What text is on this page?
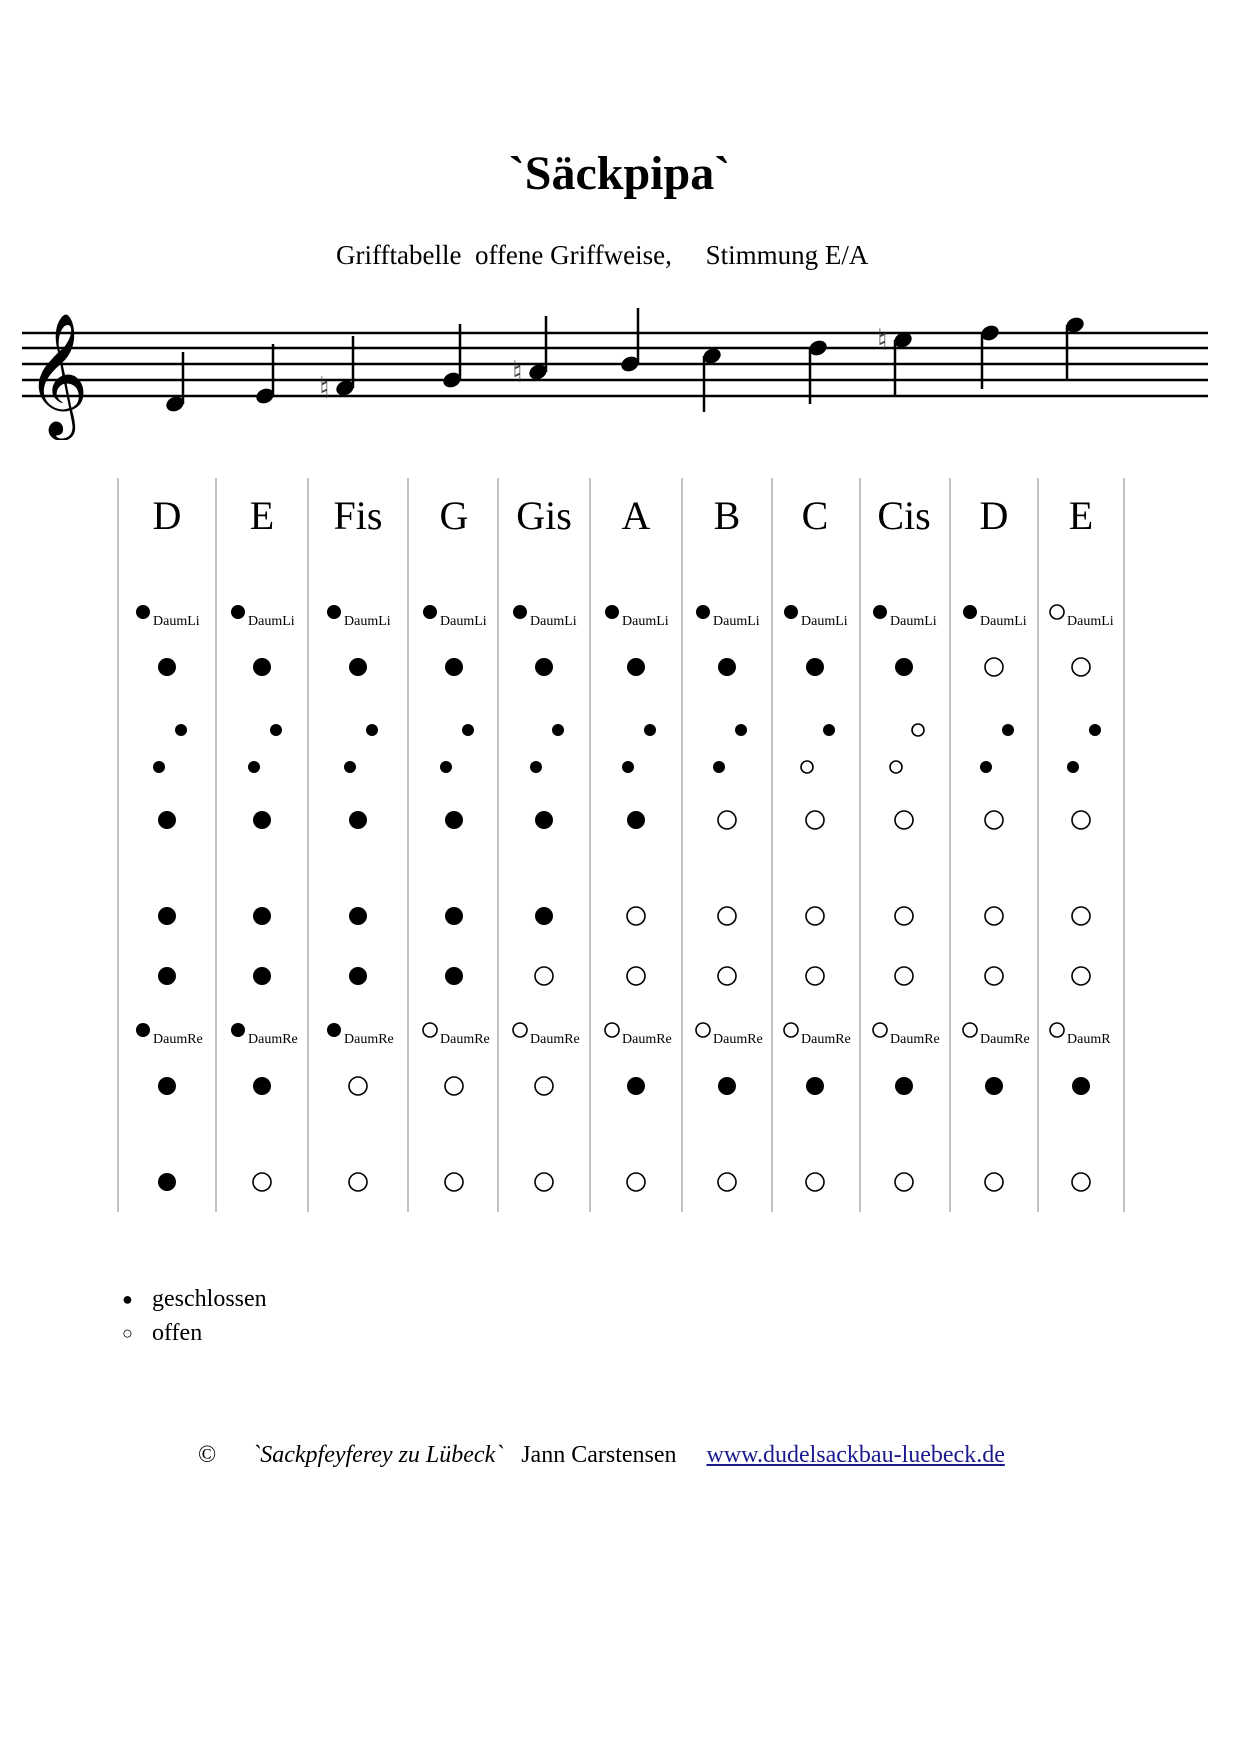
`Säckpipa`
Grifftabelle  offene Griffweise,     Stimmung E/A
𝄞	♮	♮
♮
D
DaumLi
DaumRe
E
DaumLi
DaumRe
Fis
DaumLi
DaumRe
G
DaumLi
DaumRe
Gis
DaumLi
DaumRe
A
DaumLi
DaumRe
B
DaumLi
DaumRe
C
DaumLi
DaumRe
Cis
DaumLi
DaumRe
D
DaumLi
DaumRe
E
DaumLi
DaumR
● geschlossen
○ offen
© `Sackpfeyferey zu Lübeck` Jann Carstensen www.dudelsackbau-luebeck.de
